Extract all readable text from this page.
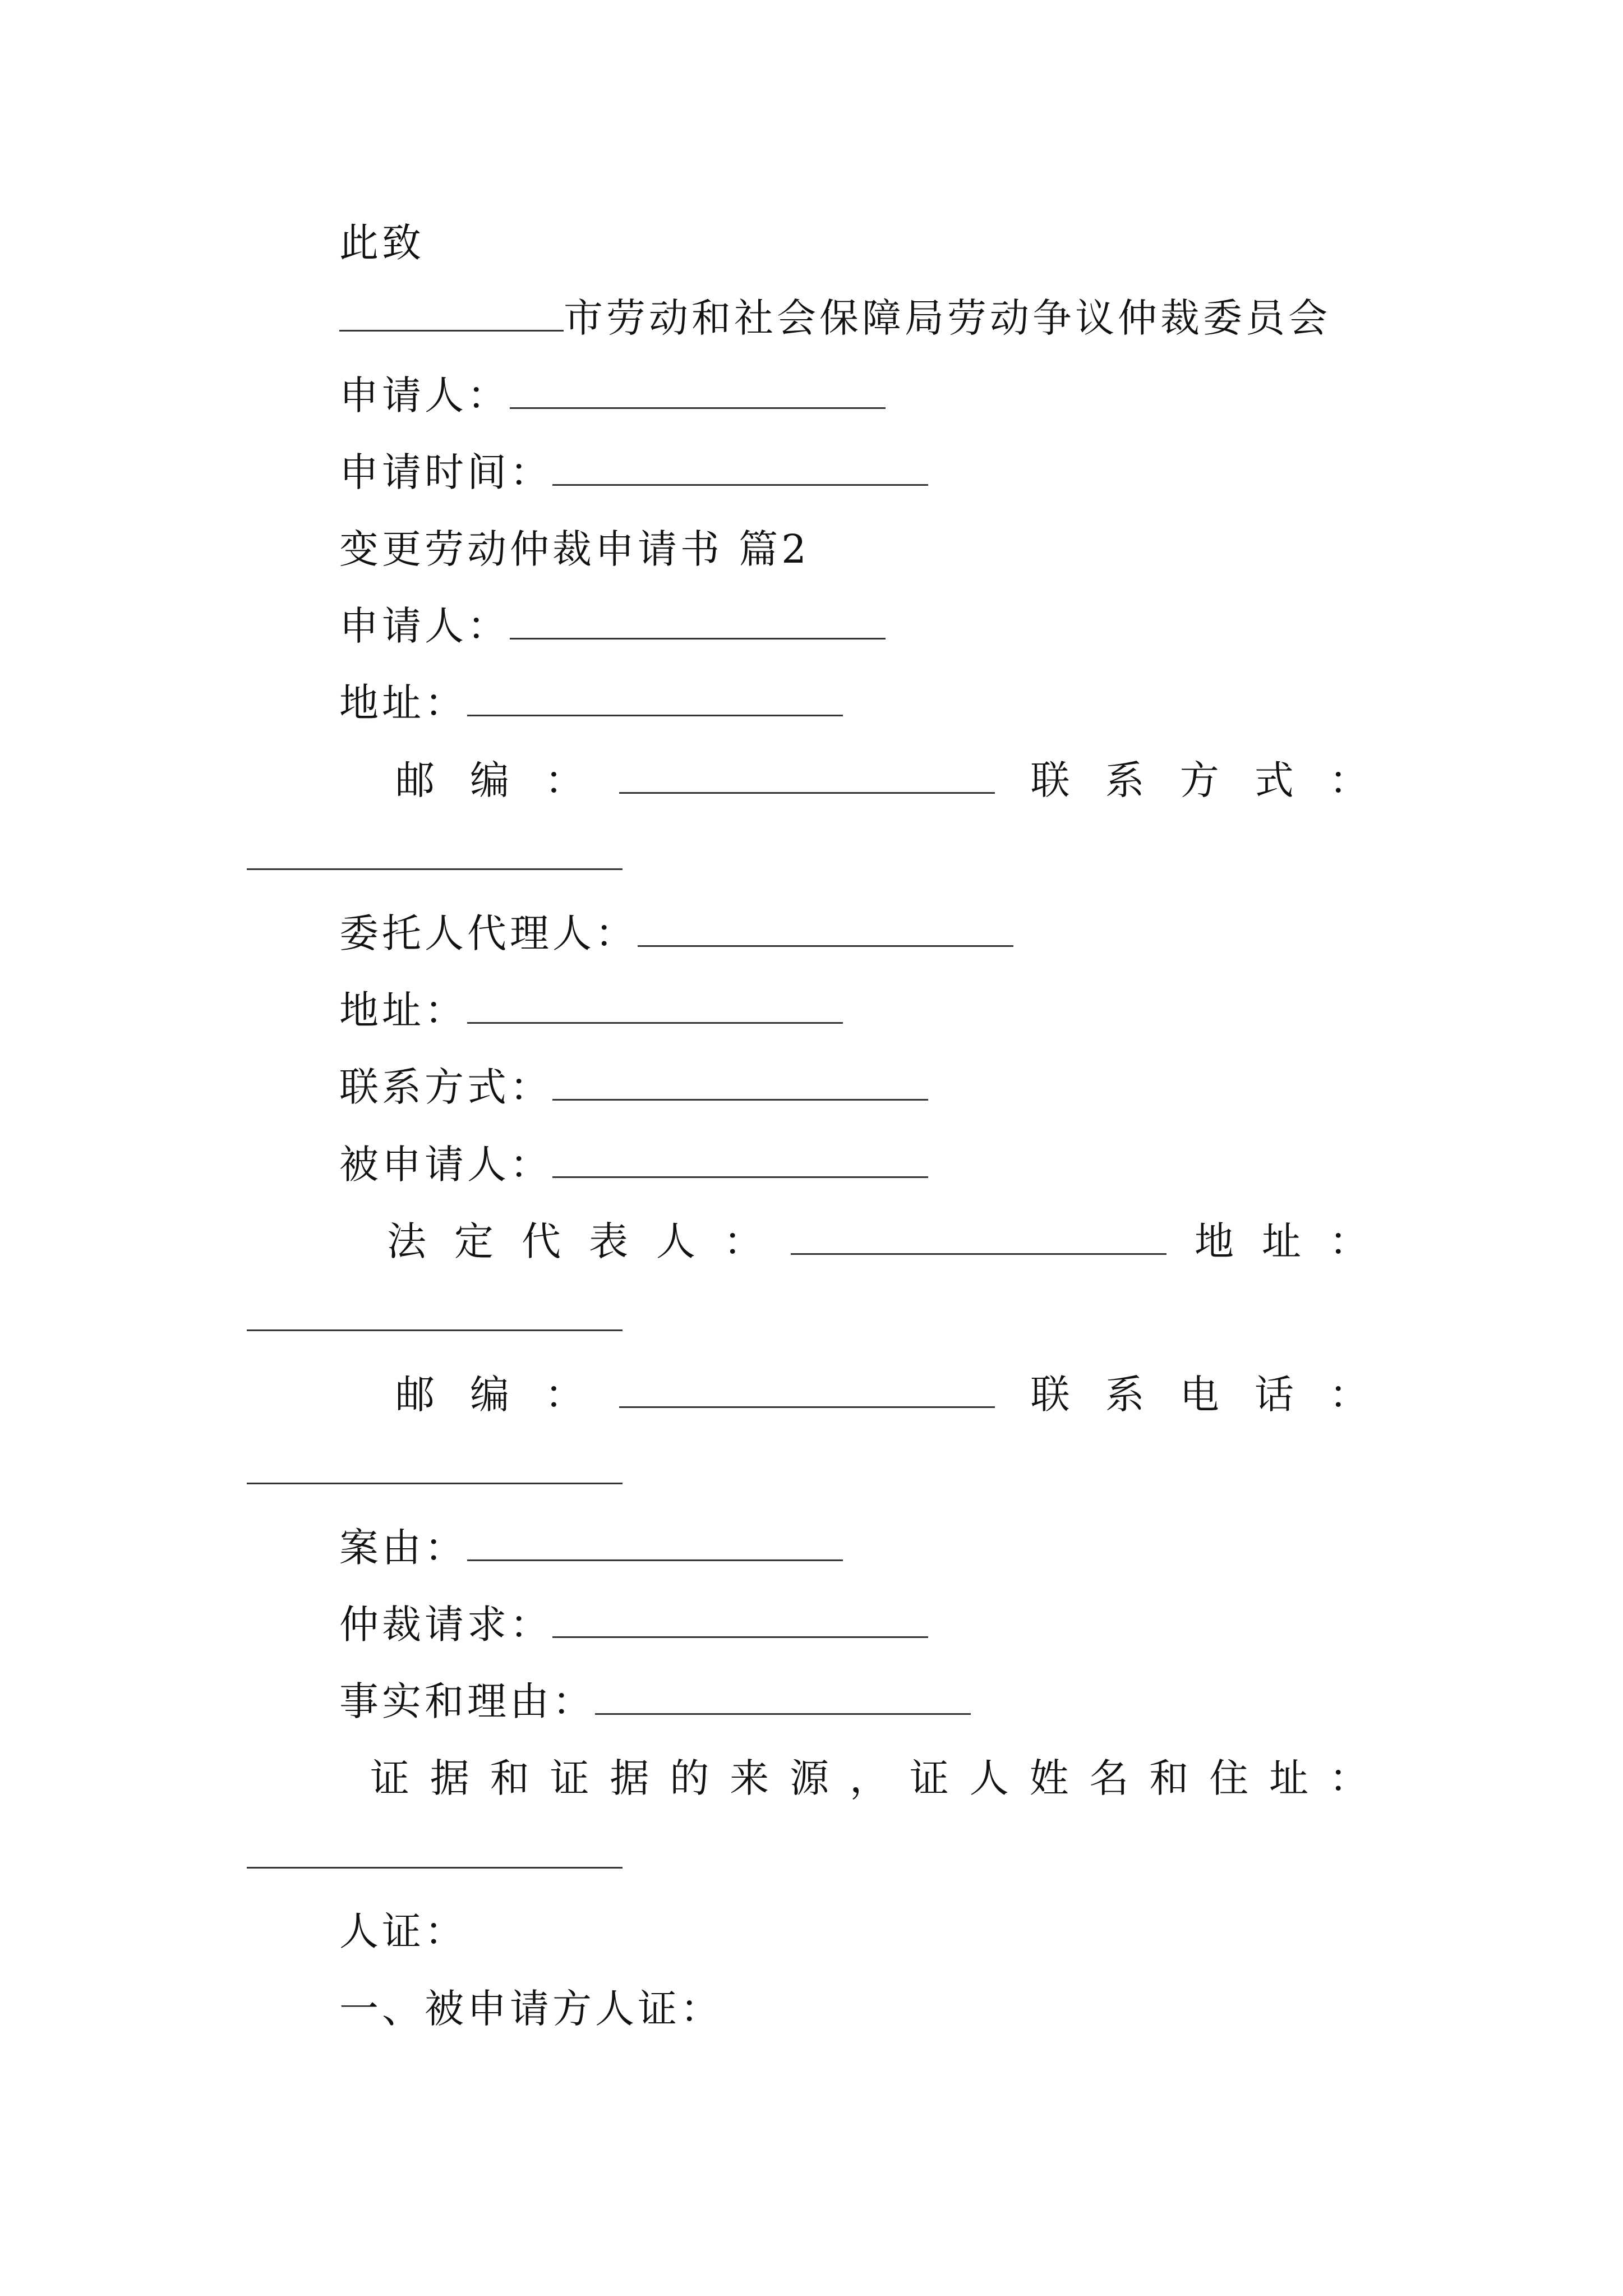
此致
市劳动和社会保障局劳动争议仲裁委员会
申请人：
申请时间：
变更劳动仲裁申请书 篇2
申请人：
地址：
邮 编 ：	联 系 方 式 ：
委托人代理人：
地址：
联系方式：
被申请人：
法 定 代 表 人 ：	地 址 ：
邮 编 ：	联 系 电 话 ：
案由：
仲裁请求：
事实和理由：
证 据 和 证 据 的 来 源 ， 证 人 姓 名 和 住 址 ：
人证：
一、被申请方人证：
